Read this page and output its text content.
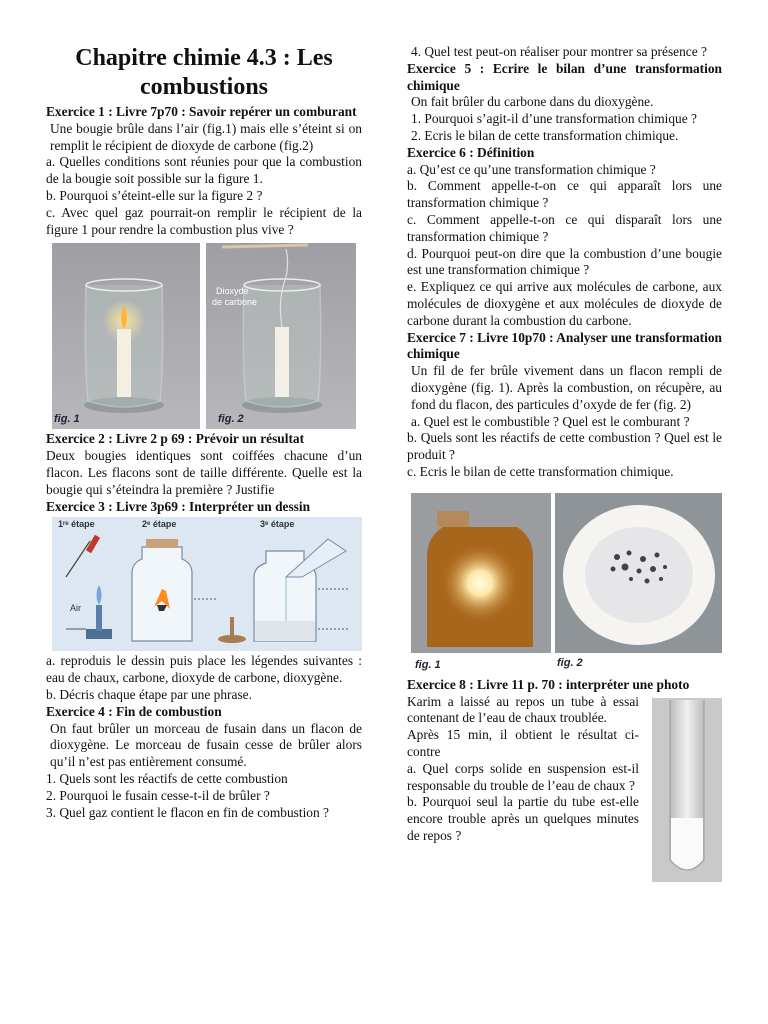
Chapitre chimie 4.3 : Les combustions

Exercice 1 : Livre 7p70 : Savoir repérer un comburant

Une bougie brûle dans l’air (fig.1) mais elle s’éteint si on remplit le récipient de dioxyde de carbone (fig.2)

a. Quelles conditions sont réunies pour que la combustion de la bougie soit possible sur la figure 1.

b. Pourquoi s’éteint-elle sur la figure 2 ?

c. Avec quel gaz pourrait-on remplir le récipient de la figure 1 pour rendre la combustion plus vive ?

fig. 1	fig. 2
Dioxyde
de carbone

Exercice 2 : Livre 2 p 69 : Prévoir un résultat

Deux bougies identiques sont coiffées chacune d’un flacon. Les flacons sont de taille différente. Quelle est la bougie qui s’éteindra la première ? Justifie

Exercice 3 : Livre 3p69 : Interpréter un dessin

1ʳᵉ étape	2ᵉ étape	3ᵉ étape
Air

a. reproduis le dessin puis place les légendes suivantes : eau de chaux, carbone, dioxyde de carbone, dioxygène.

b. Décris chaque étape par une phrase.

Exercice 4 : Fin de combustion

On faut brûler un morceau de fusain dans un flacon de dioxygène. Le morceau de fusain cesse de brûler alors qu’il n’est pas entièrement consumé.

1. Quels sont les réactifs de cette combustion

2. Pourquoi le fusain cesse-t-il de brûler ?

3. Quel gaz contient le flacon en fin de combustion ?

4. Quel test peut-on réaliser pour montrer sa présence ?

Exercice 5 : Ecrire le bilan d’une transformation chimique

On fait brûler du carbone dans du dioxygène.

1. Pourquoi s’agit-il d’une transformation chimique ?

2. Ecris le bilan de cette transformation chimique.

Exercice 6 : Définition

a. Qu’est ce qu’une transformation chimique ?

b. Comment appelle-t-on ce qui apparaît lors une transformation chimique ?

c. Comment appelle-t-on ce qui disparaît lors une transformation chimique ?

d. Pourquoi peut-on dire que la combustion d’une bougie est une transformation chimique ?

e. Expliquez ce qui arrive aux molécules de carbone, aux molécules de dioxygène et aux molécules de dioxyde de carbone durant la combustion du carbone.

Exercice 7 : Livre 10p70 : Analyser une transformation chimique

Un fil de fer brûle vivement dans un flacon rempli de dioxygène (fig. 1). Après la combustion, on récupère, au fond du flacon, des particules d’oxyde de fer (fig. 2)

a. Quel est le combustible ? Quel est le comburant ?

b. Quels sont les réactifs de cette combustion ? Quel est le produit ?

c. Ecris le bilan de cette transformation chimique.

fig. 1	fig. 2

Exercice 8 : Livre 11 p. 70 : interpréter une photo

Karim a laissé au repos un tube à essai contenant de l’eau de chaux troublée.

Après 15 min, il obtient le résultat ci-contre

a. Quel corps solide en suspension est-il responsable du trouble de l’eau de chaux ?

b. Pourquoi seul la partie du tube est-elle encore trouble après un quelques minutes de repos ?
